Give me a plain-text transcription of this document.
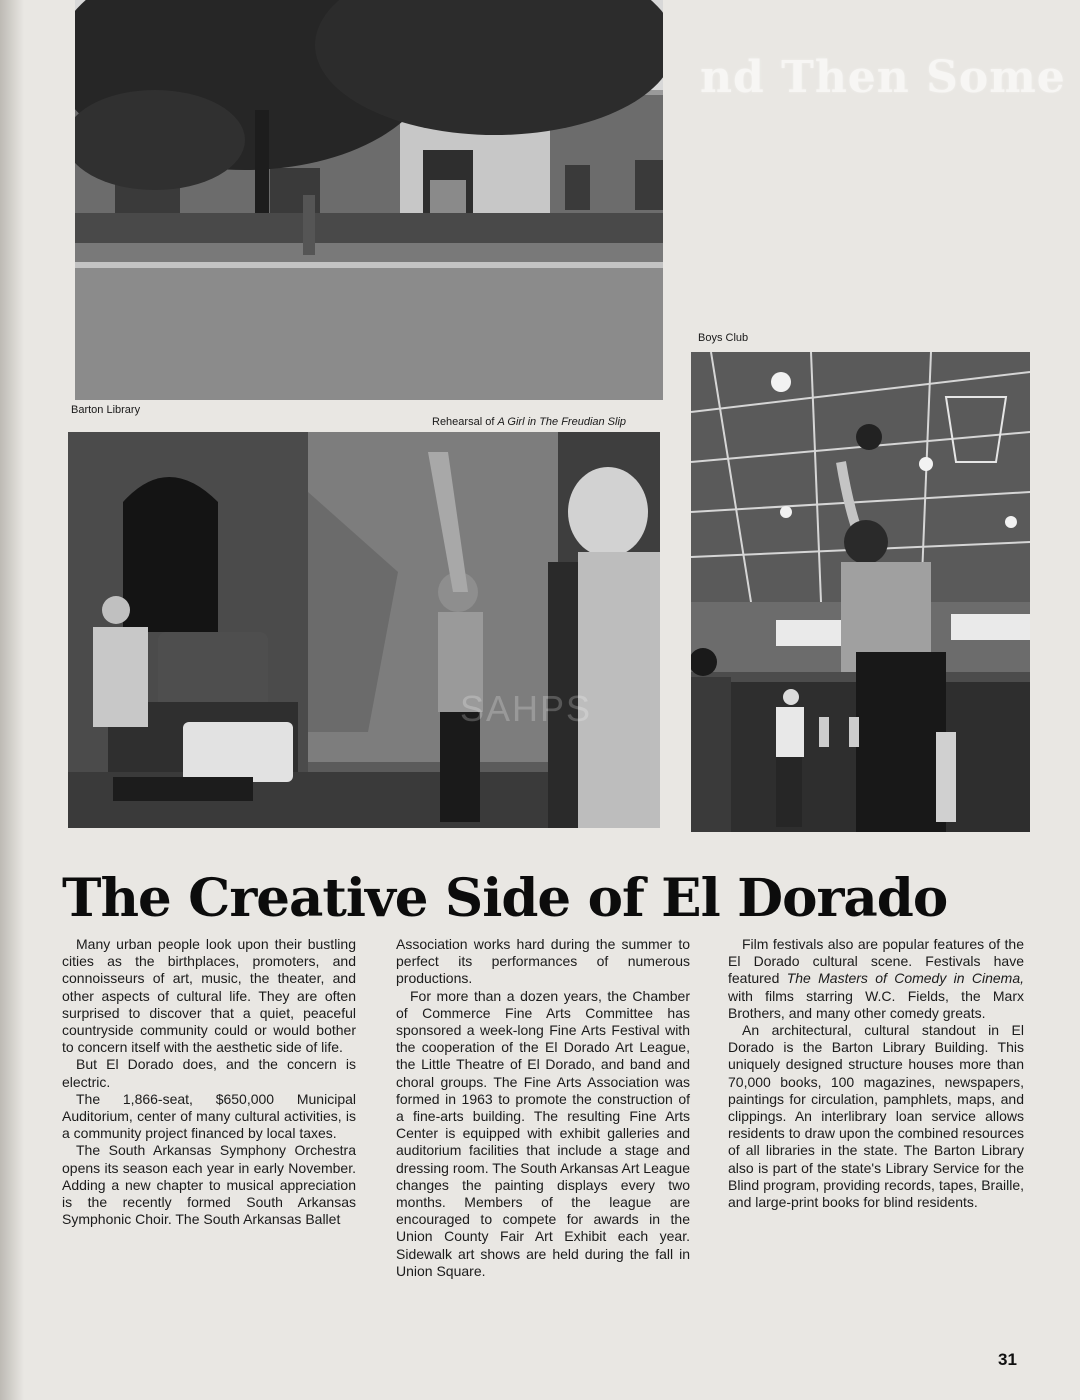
nd Then Some
Barton Library
Rehearsal of A Girl in The Freudian Slip
SAHPS
Boys Club
The Creative Side of El Dorado

Many urban people look upon their bustling cities as the birthplaces, promoters, and connoisseurs of art, music, the theater, and other aspects of cultural life. They are often surprised to discover that a quiet, peaceful countryside community could or would bother to concern itself with the aesthetic side of life.

But El Dorado does, and the concern is electric.

The 1,866-seat, $650,000 Municipal Auditorium, center of many cultural activities, is a community project financed by local taxes.

The South Arkansas Symphony Orchestra opens its season each year in early November. Adding a new chapter to musical appreciation is the recently formed South Arkansas Symphonic Choir. The South Arkansas Ballet

Association works hard during the summer to perfect its performances of numerous productions.

For more than a dozen years, the Chamber of Commerce Fine Arts Committee has sponsored a week-long Fine Arts Festival with the cooperation of the El Dorado Art League, the Little Theatre of El Dorado, and band and choral groups. The Fine Arts Association was formed in 1963 to promote the construction of a fine-arts building. The resulting Fine Arts Center is equipped with exhibit galleries and auditorium facilities that include a stage and dressing room. The South Arkansas Art League changes the painting displays every two months. Members of the league are encouraged to compete for awards in the Union County Fair Art Exhibit each year. Sidewalk art shows are held during the fall in Union Square.

Film festivals also are popular features of the El Dorado cultural scene. Festivals have featured The Masters of Comedy in Cinema, with films starring W.C. Fields, the Marx Brothers, and many other comedy greats.

An architectural, cultural standout in El Dorado is the Barton Library Building. This uniquely designed structure houses more than 70,000 books, 100 magazines, newspapers, paintings for circulation, pamphlets, maps, and clippings. An interlibrary loan service allows residents to draw upon the combined resources of all libraries in the state. The Barton Library also is part of the state's Library Service for the Blind program, providing records, tapes, Braille, and large-print books for blind residents.

31
